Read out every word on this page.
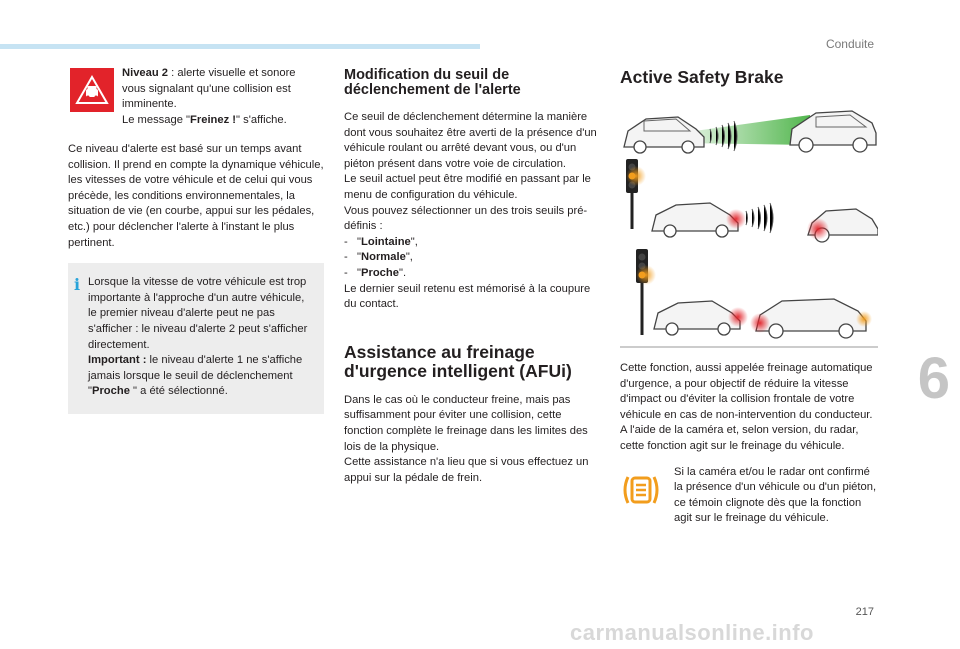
Conduite
6
217
carmanualsonline.info

Niveau 2 : alerte visuelle et sonore vous signalant qu'une collision est imminente.

Le message "Freinez !" s'affiche.

Ce niveau d'alerte est basé sur un temps avant collision. Il prend en compte la dynamique véhicule, les vitesses de votre véhicule et de celui qui vous précède, les conditions environnementales, la situation de vie (en courbe, appui sur les pédales, etc.) pour déclencher l'alerte à l'instant le plus pertinent.

i Lorsque la vitesse de votre véhicule est trop importante à l'approche d'un autre véhicule, le premier niveau d'alerte peut ne pas s'afficher : le niveau d'alerte 2 peut s'afficher directement.

Important : le niveau d'alerte 1 ne s'affiche jamais lorsque le seuil de déclenchement "Proche " a été sélectionné.

Modification du seuil de déclenchement de l'alerte

Ce seuil de déclenchement détermine la manière dont vous souhaitez être averti de la présence d'un véhicule roulant ou arrêté devant vous, ou d'un piéton présent dans votre voie de circulation.

Le seuil actuel peut être modifié en passant par le menu de configuration du véhicule.

Vous pouvez sélectionner un des trois seuils pré-définis :

-   "Lointaine",

-   "Normale",

-   "Proche".

Le dernier seuil retenu est mémorisé à la coupure du contact.

Assistance au freinage d'urgence intelligent (AFUi)

Dans le cas où le conducteur freine, mais pas suffisamment pour éviter une collision, cette fonction complète le freinage dans les limites des lois de la physique.

Cette assistance n'a lieu que si vous effectuez un appui sur la pédale de frein.

Active Safety Brake

Cette fonction, aussi appelée freinage automatique d'urgence, a pour objectif de réduire la vitesse d'impact ou d'éviter la collision frontale de votre véhicule en cas de non-intervention du conducteur.

A l'aide de la caméra et, selon version, du radar, cette fonction agit sur le freinage du véhicule.

Si la caméra et/ou le radar ont confirmé la présence d'un véhicule ou d'un piéton, ce témoin clignote dès que la fonction agit sur le freinage du véhicule.
